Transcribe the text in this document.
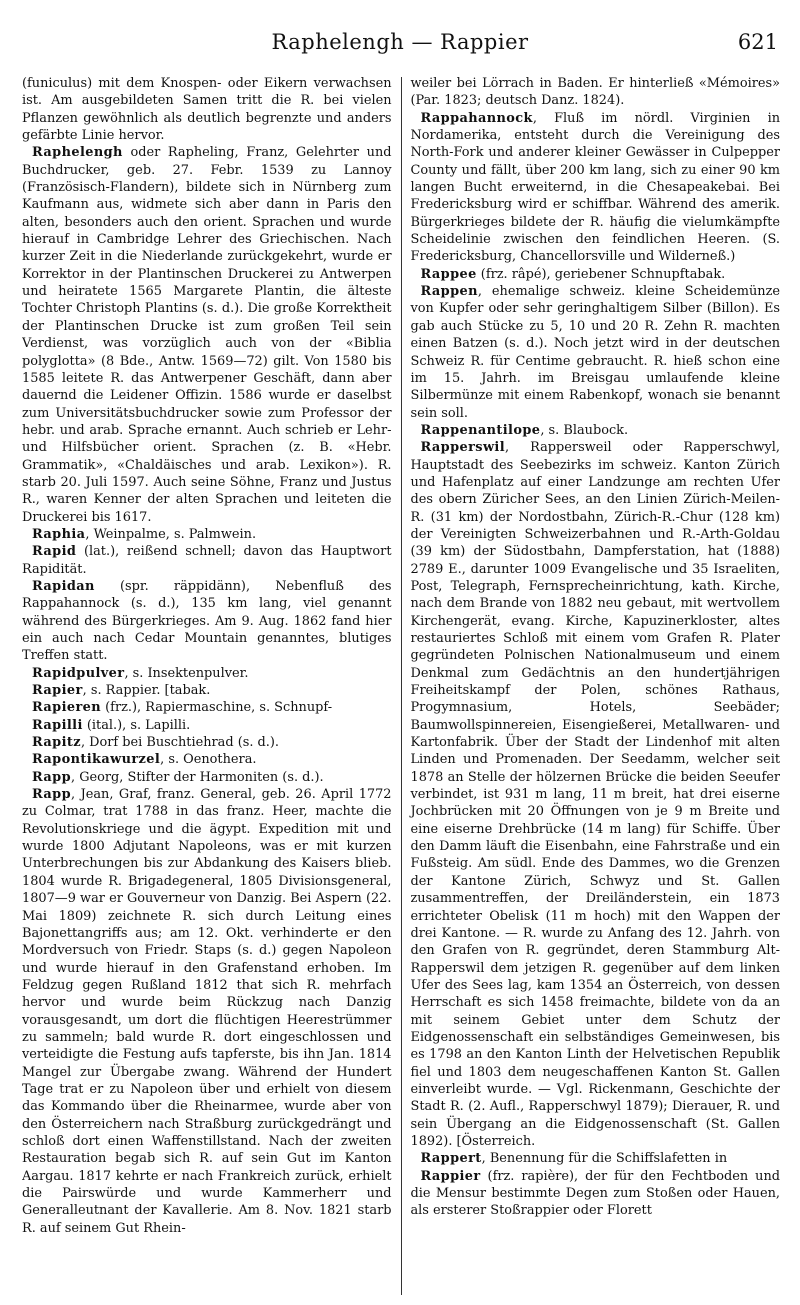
Raphelengh — Rappier	621

(funiculus) mit dem Knospen- oder Eikern verwachsen ist. Am ausgebildeten Samen tritt die R. bei vielen Pflanzen gewöhnlich als deutlich begrenzte und anders gefärbte Linie hervor.

Raphelengh oder Rapheling, Franz, Gelehrter und Buchdrucker, geb. 27. Febr. 1539 zu Lannoy (Französisch-Flandern), bildete sich in Nürnberg zum Kaufmann aus, widmete sich aber dann in Paris den alten, besonders auch den orient. Sprachen und wurde hierauf in Cambridge Lehrer des Griechischen. Nach kurzer Zeit in die Niederlande zurückgekehrt, wurde er Korrektor in der Plantinschen Druckerei zu Antwerpen und heiratete 1565 Margarete Plantin, die älteste Tochter Christoph Plantins (s. d.). Die große Korrektheit der Plantinschen Drucke ist zum großen Teil sein Verdienst, was vorzüglich auch von der «Biblia polyglotta» (8 Bde., Antw. 1569—72) gilt. Von 1580 bis 1585 leitete R. das Antwerpener Geschäft, dann aber dauernd die Leidener Offizin. 1586 wurde er daselbst zum Universitätsbuchdrucker sowie zum Professor der hebr. und arab. Sprache ernannt. Auch schrieb er Lehr- und Hilfsbücher orient. Sprachen (z. B. «Hebr. Grammatik», «Chaldäisches und arab. Lexikon»). R. starb 20. Juli 1597. Auch seine Söhne, Franz und Justus R., waren Kenner der alten Sprachen und leiteten die Druckerei bis 1617.

Raphia, Weinpalme, s. Palmwein.

Rapid (lat.), reißend schnell; davon das Hauptwort Rapidität.

Rapidan (spr. räppidänn), Nebenfluß des Rappahannock (s. d.), 135 km lang, viel genannt während des Bürgerkrieges. Am 9. Aug. 1862 fand hier ein auch nach Cedar Mountain genanntes, blutiges Treffen statt.

Rapidpulver, s. Insektenpulver.

Rapier, s. Rappier. [tabak.

Rapieren (frz.), Rapiermaschine, s. Schnupf-

Rapilli (ital.), s. Lapilli.

Rapitz, Dorf bei Buschtiehrad (s. d.).

Rapontikawurzel, s. Oenothera.

Rapp, Georg, Stifter der Harmoniten (s. d.).

Rapp, Jean, Graf, franz. General, geb. 26. April 1772 zu Colmar, trat 1788 in das franz. Heer, machte die Revolutionskriege und die ägypt. Expedition mit und wurde 1800 Adjutant Napoleons, was er mit kurzen Unterbrechungen bis zur Abdankung des Kaisers blieb. 1804 wurde R. Brigadegeneral, 1805 Divisionsgeneral, 1807—9 war er Gouverneur von Danzig. Bei Aspern (22. Mai 1809) zeichnete R. sich durch Leitung eines Bajonettangriffs aus; am 12. Okt. verhinderte er den Mordversuch von Friedr. Staps (s. d.) gegen Napoleon und wurde hierauf in den Grafenstand erhoben. Im Feldzug gegen Rußland 1812 that sich R. mehrfach hervor und wurde beim Rückzug nach Danzig vorausgesandt, um dort die flüchtigen Heerestrümmer zu sammeln; bald wurde R. dort eingeschlossen und verteidigte die Festung aufs tapferste, bis ihn Jan. 1814 Mangel zur Übergabe zwang. Während der Hundert Tage trat er zu Napoleon über und erhielt von diesem das Kommando über die Rheinarmee, wurde aber von den Österreichern nach Straßburg zurückgedrängt und schloß dort einen Waffenstillstand. Nach der zweiten Restauration begab sich R. auf sein Gut im Kanton Aargau. 1817 kehrte er nach Frankreich zurück, erhielt die Pairswürde und wurde Kammerherr und Generalleutnant der Kavallerie. Am 8. Nov. 1821 starb R. auf seinem Gut Rhein-

weiler bei Lörrach in Baden. Er hinterließ «Mémoires» (Par. 1823; deutsch Danz. 1824).

Rappahannock, Fluß im nördl. Virginien in Nordamerika, entsteht durch die Vereinigung des North-Fork und anderer kleiner Gewässer in Culpepper County und fällt, über 200 km lang, sich zu einer 90 km langen Bucht erweiternd, in die Chesapeakebai. Bei Fredericksburg wird er schiffbar. Während des amerik. Bürgerkrieges bildete der R. häufig die vielumkämpfte Scheidelinie zwischen den feindlichen Heeren. (S. Fredericksburg, Chancellorsville und Wilderneß.)

Rappee (frz. râpé), geriebener Schnupftabak.

Rappen, ehemalige schweiz. kleine Scheidemünze von Kupfer oder sehr geringhaltigem Silber (Billon). Es gab auch Stücke zu 5, 10 und 20 R. Zehn R. machten einen Batzen (s. d.). Noch jetzt wird in der deutschen Schweiz R. für Centime gebraucht. R. hieß schon eine im 15. Jahrh. im Breisgau umlaufende kleine Silbermünze mit einem Rabenkopf, wonach sie benannt sein soll.

Rappenantilope, s. Blaubock.

Rapperswil, Rappersweil oder Rapperschwyl, Hauptstadt des Seebezirks im schweiz. Kanton Zürich und Hafenplatz auf einer Landzunge am rechten Ufer des obern Züricher Sees, an den Linien Zürich-Meilen-R. (31 km) der Nordostbahn, Zürich-R.-Chur (128 km) der Vereinigten Schweizerbahnen und R.-Arth-Goldau (39 km) der Südostbahn, Dampferstation, hat (1888) 2789 E., darunter 1009 Evangelische und 35 Israeliten, Post, Telegraph, Fernsprecheinrichtung, kath. Kirche, nach dem Brande von 1882 neu gebaut, mit wertvollem Kirchengerät, evang. Kirche, Kapuzinerkloster, altes restauriertes Schloß mit einem vom Grafen R. Plater gegründeten Polnischen Nationalmuseum und einem Denkmal zum Gedächtnis an den hundertjährigen Freiheitskampf der Polen, schönes Rathaus, Progymnasium, Hotels, Seebäder; Baumwollspinnereien, Eisengießerei, Metallwaren- und Kartonfabrik. Über der Stadt der Lindenhof mit alten Linden und Promenaden. Der Seedamm, welcher seit 1878 an Stelle der hölzernen Brücke die beiden Seeufer verbindet, ist 931 m lang, 11 m breit, hat drei eiserne Jochbrücken mit 20 Öffnungen von je 9 m Breite und eine eiserne Drehbrücke (14 m lang) für Schiffe. Über den Damm läuft die Eisenbahn, eine Fahrstraße und ein Fußsteig. Am südl. Ende des Dammes, wo die Grenzen der Kantone Zürich, Schwyz und St. Gallen zusammentreffen, der Dreiländerstein, ein 1873 errichteter Obelisk (11 m hoch) mit den Wappen der drei Kantone. — R. wurde zu Anfang des 12. Jahrh. von den Grafen von R. gegründet, deren Stammburg Alt-Rapperswil dem jetzigen R. gegenüber auf dem linken Ufer des Sees lag, kam 1354 an Österreich, von dessen Herrschaft es sich 1458 freimachte, bildete von da an mit seinem Gebiet unter dem Schutz der Eidgenossenschaft ein selbständiges Gemeinwesen, bis es 1798 an den Kanton Linth der Helvetischen Republik fiel und 1803 dem neugeschaffenen Kanton St. Gallen einverleibt wurde. — Vgl. Rickenmann, Geschichte der Stadt R. (2. Aufl., Rapperschwyl 1879); Dierauer, R. und sein Übergang an die Eidgenossenschaft (St. Gallen 1892). [Österreich.

Rappert, Benennung für die Schiffslafetten in

Rappier (frz. rapière), der für den Fechtboden und die Mensur bestimmte Degen zum Stoßen oder Hauen, als ersterer Stoßrappier oder Florett
